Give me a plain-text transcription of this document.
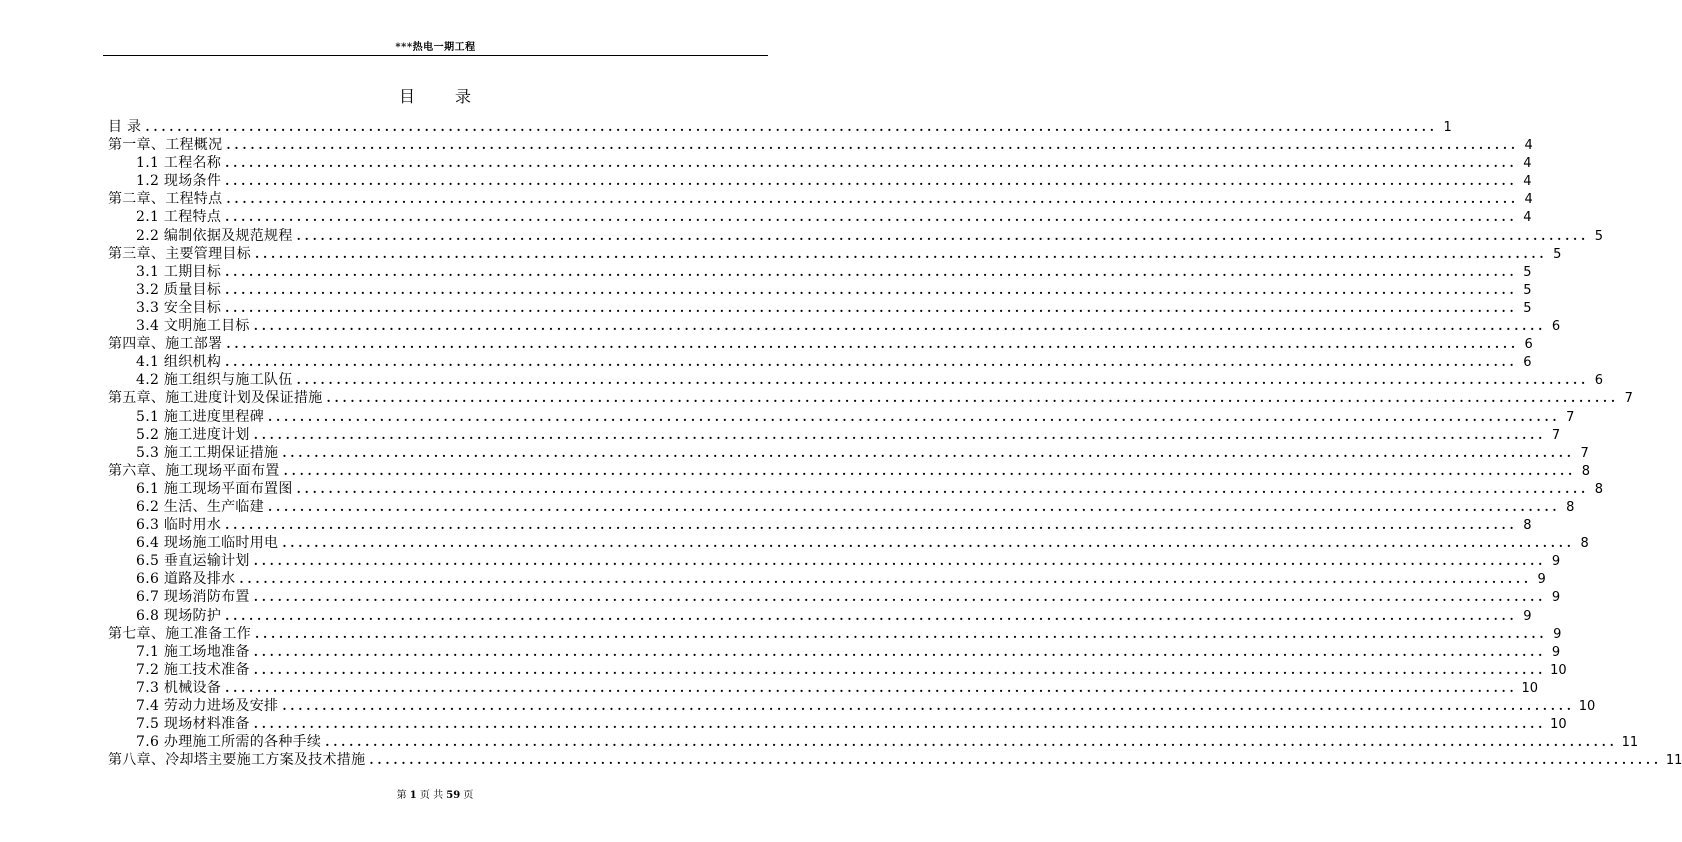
***热电一期工程
目录
目 录 .................................................................................................................................................................. 1
第一章、工程概况 .................................................................................................................................................................. 4
1.1 工程名称 .................................................................................................................................................................. 4
1.2 现场条件 .................................................................................................................................................................. 4
第二章、工程特点 .................................................................................................................................................................. 4
2.1 工程特点 .................................................................................................................................................................. 4
2.2 编制依据及规范规程 .................................................................................................................................................................. 5
第三章、主要管理目标 .................................................................................................................................................................. 5
3.1 工期目标 .................................................................................................................................................................. 5
3.2 质量目标 .................................................................................................................................................................. 5
3.3 安全目标 .................................................................................................................................................................. 5
3.4 文明施工目标 .................................................................................................................................................................. 6
第四章、施工部署 .................................................................................................................................................................. 6
4.1 组织机构 .................................................................................................................................................................. 6
4.2 施工组织与施工队伍 .................................................................................................................................................................. 6
第五章、施工进度计划及保证措施 .................................................................................................................................................................. 7
5.1 施工进度里程碑 .................................................................................................................................................................. 7
5.2 施工进度计划 .................................................................................................................................................................. 7
5.3 施工工期保证措施 .................................................................................................................................................................. 7
第六章、施工现场平面布置 .................................................................................................................................................................. 8
6.1 施工现场平面布置图 .................................................................................................................................................................. 8
6.2 生活、生产临建 .................................................................................................................................................................. 8
6.3 临时用水 .................................................................................................................................................................. 8
6.4 现场施工临时用电 .................................................................................................................................................................. 8
6.5 垂直运输计划 .................................................................................................................................................................. 9
6.6 道路及排水 .................................................................................................................................................................. 9
6.7 现场消防布置 .................................................................................................................................................................. 9
6.8 现场防护 .................................................................................................................................................................. 9
第七章、施工准备工作 .................................................................................................................................................................. 9
7.1 施工场地准备 .................................................................................................................................................................. 9
7.2 施工技术准备 .................................................................................................................................................................. 10
7.3 机械设备 .................................................................................................................................................................. 10
7.4 劳动力进场及安排 .................................................................................................................................................................. 10
7.5 现场材料准备 .................................................................................................................................................................. 10
7.6 办理施工所需的各种手续 .................................................................................................................................................................. 11
第八章、冷却塔主要施工方案及技术措施 .................................................................................................................................................................. 11
第 1 页 共 59 页
